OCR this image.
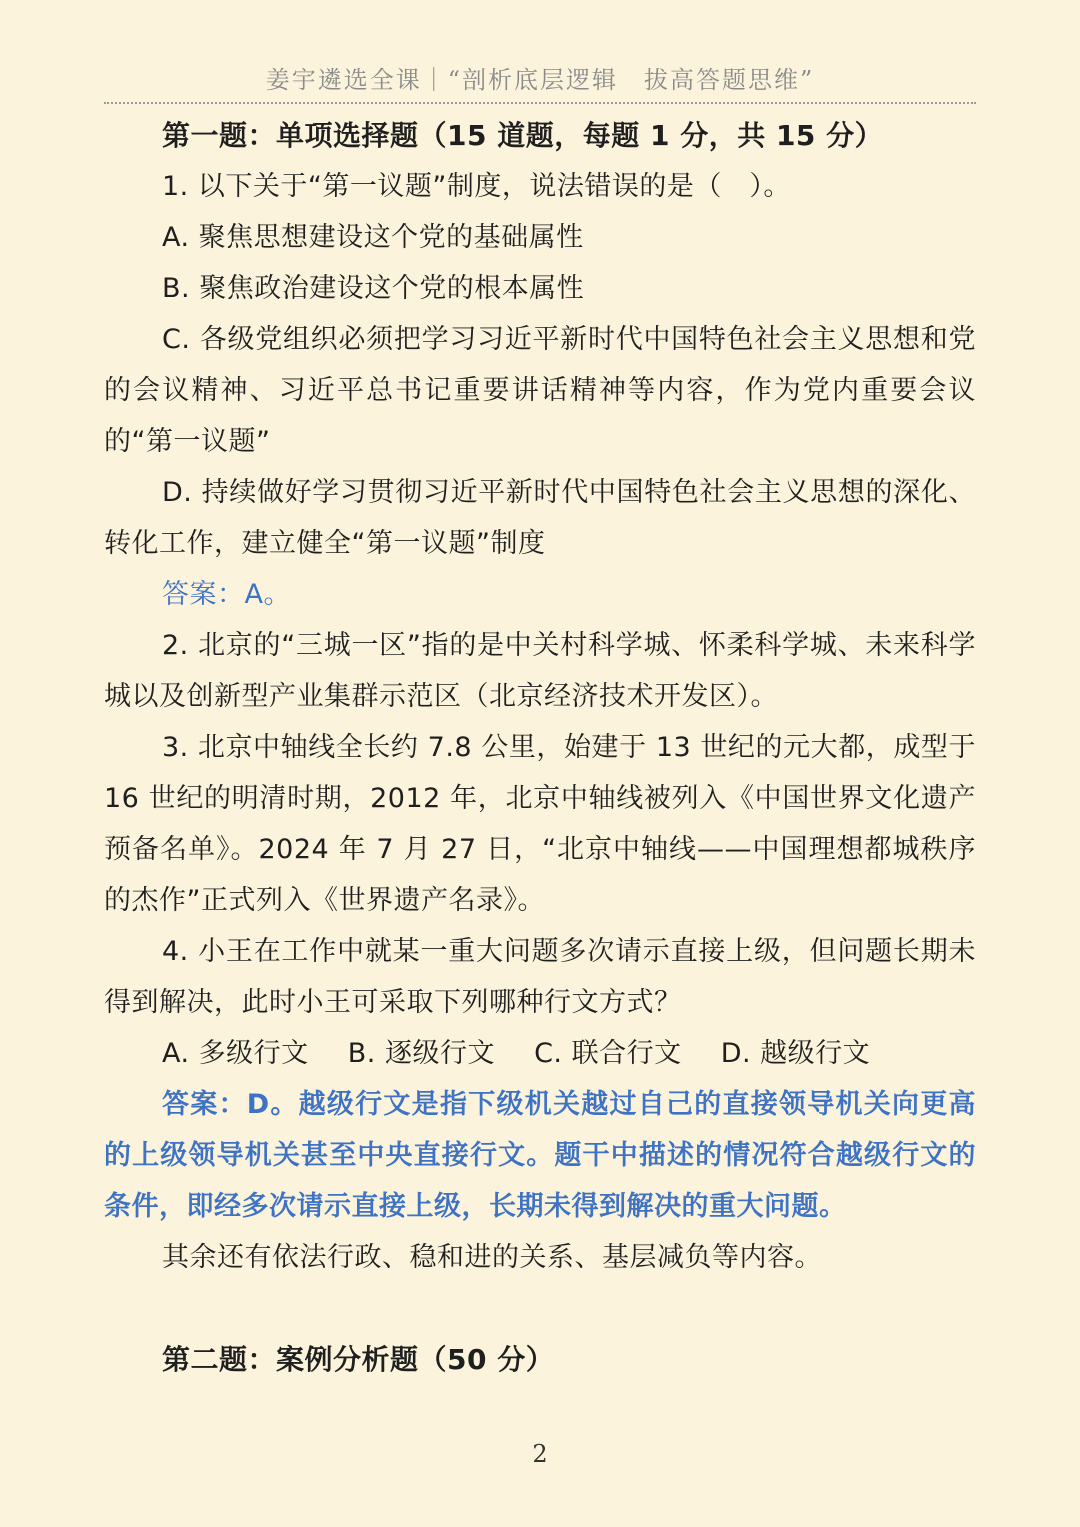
姜宇遴选全课｜“剖析底层逻辑　拔高答题思维”

第一题：单项选择题（15 道题，每题 1 分，共 15 分）

1. 以下关于“第一议题”制度，说法错误的是（　）。

A. 聚焦思想建设这个党的基础属性

B. 聚焦政治建设这个党的根本属性

C. 各级党组织必须把学习习近平新时代中国特色社会主义思想和党的会议精神、习近平总书记重要讲话精神等内容，作为党内重要会议的“第一议题”

D. 持续做好学习贯彻习近平新时代中国特色社会主义思想的深化、转化工作，建立健全“第一议题”制度

答案：A。

2. 北京的“三城一区”指的是中关村科学城、怀柔科学城、未来科学城以及创新型产业集群示范区（北京经济技术开发区）。

3. 北京中轴线全长约 7.8 公里，始建于 13 世纪的元大都，成型于 16 世纪的明清时期，2012 年，北京中轴线被列入《中国世界文化遗产预备名单》。2024 年 7 月 27 日，“北京中轴线——中国理想都城秩序的杰作”正式列入《世界遗产名录》。

4. 小王在工作中就某一重大问题多次请示直接上级，但问题长期未得到解决，此时小王可采取下列哪种行文方式？

A. 多级行文 B. 逐级行文 C. 联合行文 D. 越级行文

答案：D。越级行文是指下级机关越过自己的直接领导机关向更高的上级领导机关甚至中央直接行文。题干中描述的情况符合越级行文的条件，即经多次请示直接上级，长期未得到解决的重大问题。

其余还有依法行政、稳和进的关系、基层减负等内容。

第二题：案例分析题（50 分）

2
